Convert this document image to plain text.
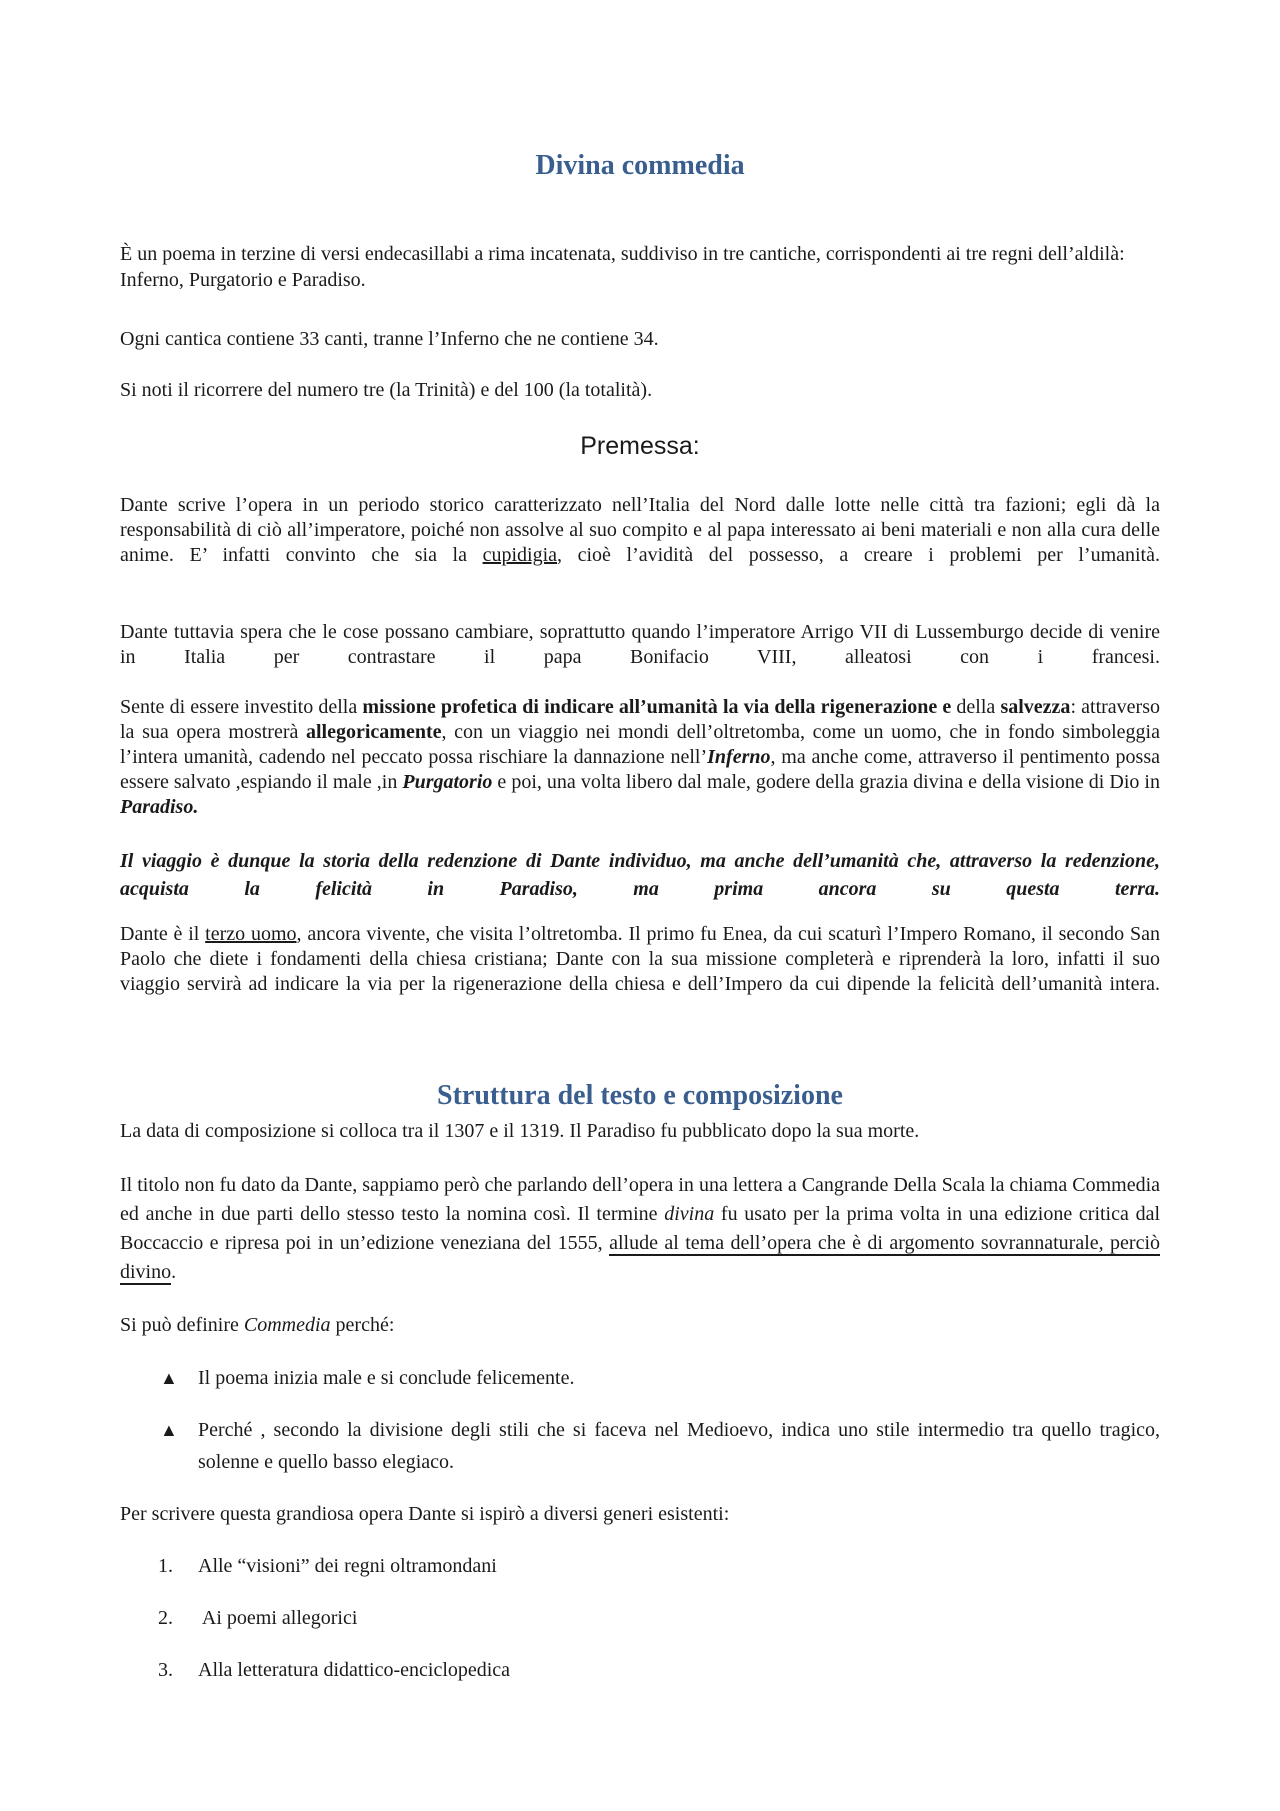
Divina commedia

È un poema in terzine di versi endecasillabi a rima incatenata, suddiviso in tre cantiche, corrispondenti ai tre regni dell’aldilà: Inferno, Purgatorio e Paradiso.

Ogni cantica contiene 33 canti, tranne l’Inferno che ne contiene 34.

Si noti il ricorrere del numero tre (la Trinità) e del 100 (la totalità).

Premessa:

Dante scrive l’opera in un periodo storico caratterizzato nell’Italia del Nord dalle lotte nelle città tra fazioni; egli dà la responsabilità di ciò all’imperatore, poiché non assolve al suo compito e al papa interessato ai beni materiali e non alla cura delle anime. E’ infatti convinto che sia la cupidigia, cioè l’avidità del possesso, a creare i problemi per l’umanità.

Dante tuttavia spera che le cose possano cambiare, soprattutto quando l’imperatore Arrigo VII di Lussemburgo decide di venire in Italia per contrastare il papa Bonifacio VIII, alleatosi con i francesi.

Sente di essere investito della missione profetica di indicare all’umanità la via della rigenerazione e della salvezza: attraverso la sua opera mostrerà allegoricamente, con un viaggio nei mondi dell’oltretomba, come un uomo, che in fondo simboleggia l’intera umanità, cadendo nel peccato possa rischiare la dannazione nell’Inferno, ma anche come, attraverso il pentimento possa essere salvato ,espiando il male ,in Purgatorio e poi, una volta libero dal male, godere della grazia divina e della visione di Dio in Paradiso.

Il viaggio è dunque la storia della redenzione di Dante individuo, ma anche dell’umanità che, attraverso la redenzione, acquista la felicità in Paradiso, ma prima ancora su questa terra.

Dante è il terzo uomo, ancora vivente, che visita l’oltretomba. Il primo fu Enea, da cui scaturì l’Impero Romano, il secondo San Paolo che diete i fondamenti della chiesa cristiana; Dante con la sua missione completerà e riprenderà la loro, infatti il suo viaggio servirà ad indicare la via per la rigenerazione della chiesa e dell’Impero da cui dipende la felicità dell’umanità intera.

Struttura del testo e composizione

La data di composizione si colloca tra il 1307 e il 1319. Il Paradiso fu pubblicato dopo la sua morte.

Il titolo non fu dato da Dante, sappiamo però che parlando dell’opera in una lettera a Cangrande Della Scala la chiama Commedia ed anche in due parti dello stesso testo la nomina così. Il termine divina fu usato per la prima volta in una edizione critica dal Boccaccio e ripresa poi in un’edizione veneziana del 1555, allude al tema dell’opera che è di argomento sovrannaturale, perciò divino.

Si può definire Commedia perché:

▲ Il poema inizia male e si conclude felicemente.
▲ Perché , secondo la divisione degli stili che si faceva nel Medioevo, indica uno stile intermedio tra quello tragico, solenne e quello basso elegiaco.

Per scrivere questa grandiosa opera Dante si ispirò a diversi generi esistenti:

1. Alle “visioni” dei regni oltramondani
2. Ai poemi allegorici
3. Alla letteratura didattico-enciclopedica
